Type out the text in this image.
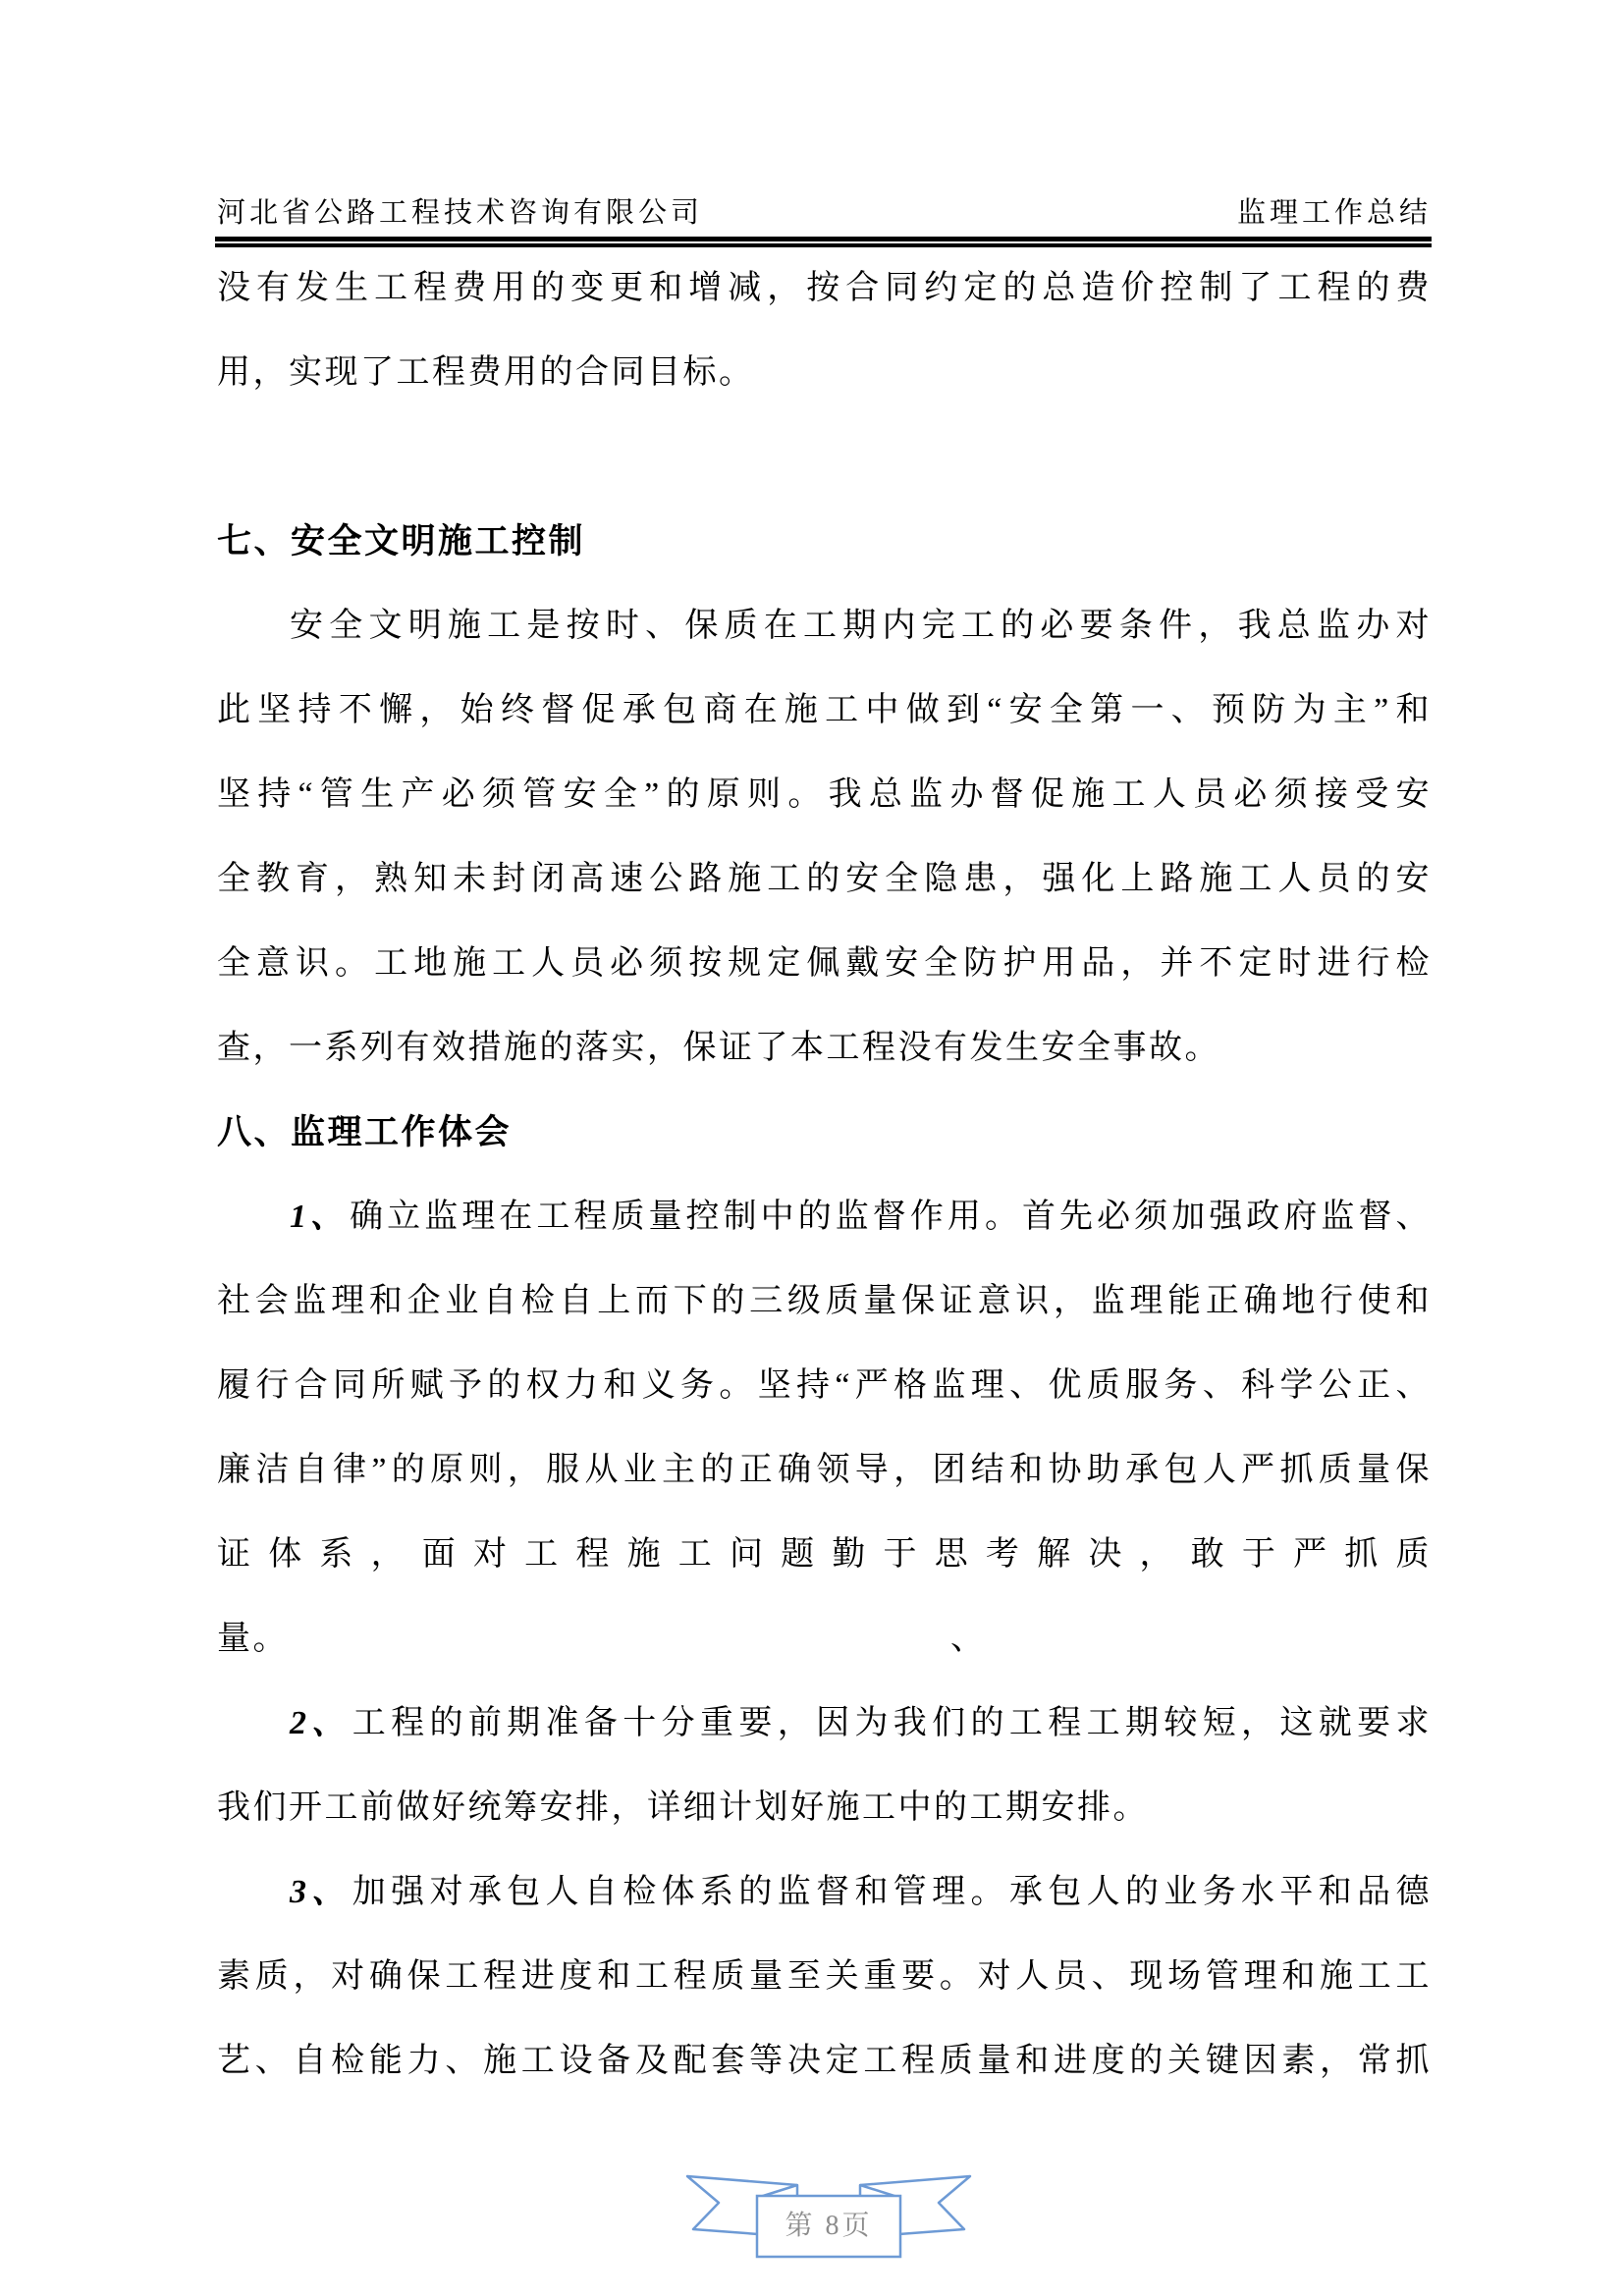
河北省公路工程技术咨询有限公司	监理工作总结
没有发生工程费用的变更和增减，按合同约定的总造价控制了工程的费
用，实现了工程费用的合同目标。
七、安全文明施工控制
安全文明施工是按时、保质在工期内完工的必要条件，我总监办对
此坚持不懈，始终督促承包商在施工中做到“安全第一、预防为主”和
坚持“管生产必须管安全”的原则。我总监办督促施工人员必须接受安
全教育，熟知未封闭高速公路施工的安全隐患，强化上路施工人员的安
全意识。工地施工人员必须按规定佩戴安全防护用品，并不定时进行检
查，一系列有效措施的落实，保证了本工程没有发生安全事故。
八、监理工作体会
1、确立监理在工程质量控制中的监督作用。首先必须加强政府监督、
社会监理和企业自检自上而下的三级质量保证意识，监理能正确地行使和
履行合同所赋予的权力和义务。坚持“严格监理、优质服务、科学公正、
廉洁自律”的原则，服从业主的正确领导，团结和协助承包人严抓质量保
证体系，面对工程施工问题勤于思考解决，敢于严抓质
量。	、
2、工程的前期准备十分重要，因为我们的工程工期较短，这就要求
我们开工前做好统筹安排，详细计划好施工中的工期安排。
3、加强对承包人自检体系的监督和管理。承包人的业务水平和品德
素质，对确保工程进度和工程质量至关重要。对人员、现场管理和施工工
艺、自检能力、施工设备及配套等决定工程质量和进度的关键因素，常抓
第 8页
